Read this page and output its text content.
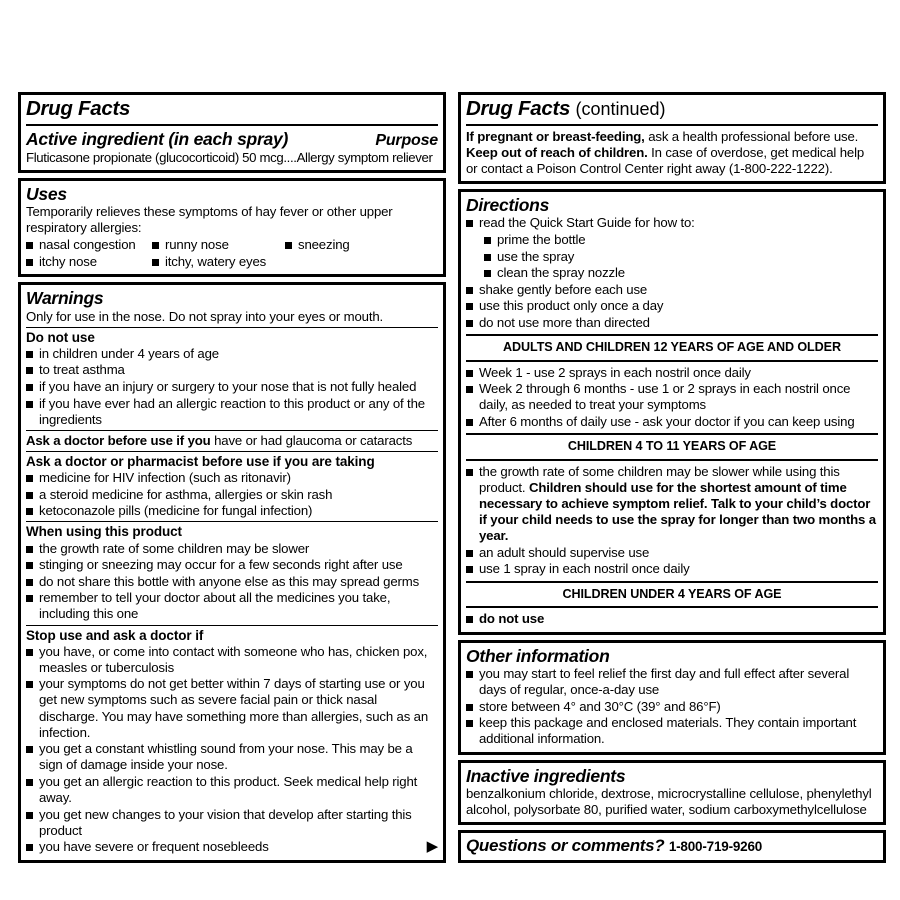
Drug Facts
Active ingredient (in each spray)	Purpose
Fluticasone propionate (glucocorticoid) 50 mcg....Allergy symptom reliever
Uses
Temporarily relieves these symptoms of hay fever or other upper respiratory allergies:
nasal congestion	runny nose	sneezing
itchy nose	itchy, watery eyes
Warnings
Only for use in the nose. Do not spray into your eyes or mouth.
Do not use
in children under 4 years of age
to treat asthma
if you have an injury or surgery to your nose that is not fully healed
if you have ever had an allergic reaction to this product or any of the ingredients
Ask a doctor before use if you have or had glaucoma or cataracts
Ask a doctor or pharmacist before use if you are taking
medicine for HIV infection (such as ritonavir)
a steroid medicine for asthma, allergies or skin rash
ketoconazole pills (medicine for fungal infection)
When using this product
the growth rate of some children may be slower
stinging or sneezing may occur for a few seconds right after use
do not share this bottle with anyone else as this may spread germs
remember to tell your doctor about all the medicines you take, including this one
Stop use and ask a doctor if
you have, or come into contact with someone who has, chicken pox, measles or tuberculosis
your symptoms do not get better within 7 days of starting use or you get new symptoms such as severe facial pain or thick nasal discharge. You may have something more than allergies, such as an infection.
you get a constant whistling sound from your nose. This may be a sign of damage inside your nose.
you get an allergic reaction to this product. Seek medical help right away.
you get new changes to your vision that develop after starting this product
you have severe or frequent nosebleeds	▶
Drug Facts (continued)
If pregnant or breast-feeding, ask a health professional before use.
Keep out of reach of children. In case of overdose, get medical help or contact a Poison Control Center right away (1-800-222-1222).
Directions
read the Quick Start Guide for how to:
prime the bottle
use the spray
clean the spray nozzle
shake gently before each use
use this product only once a day
do not use more than directed
ADULTS AND CHILDREN 12 YEARS OF AGE AND OLDER
Week 1 - use 2 sprays in each nostril once daily
Week 2 through 6 months - use 1 or 2 sprays in each nostril once daily, as needed to treat your symptoms
After 6 months of daily use - ask your doctor if you can keep using
CHILDREN 4 TO 11 YEARS OF AGE
the growth rate of some children may be slower while using this product. Children should use for the shortest amount of time necessary to achieve symptom relief. Talk to your child’s doctor if your child needs to use the spray for longer than two months a year.
an adult should supervise use
use 1 spray in each nostril once daily
CHILDREN UNDER 4 YEARS OF AGE
do not use
Other information
you may start to feel relief the first day and full effect after several days of regular, once-a-day use
store between 4° and 30°C (39° and 86°F)
keep this package and enclosed materials. They contain important additional information.
Inactive ingredients
benzalkonium chloride, dextrose, microcrystalline cellulose, phenylethyl alcohol, polysorbate 80, purified water, sodium carboxymethylcellulose
Questions or comments? 1-800-719-9260
